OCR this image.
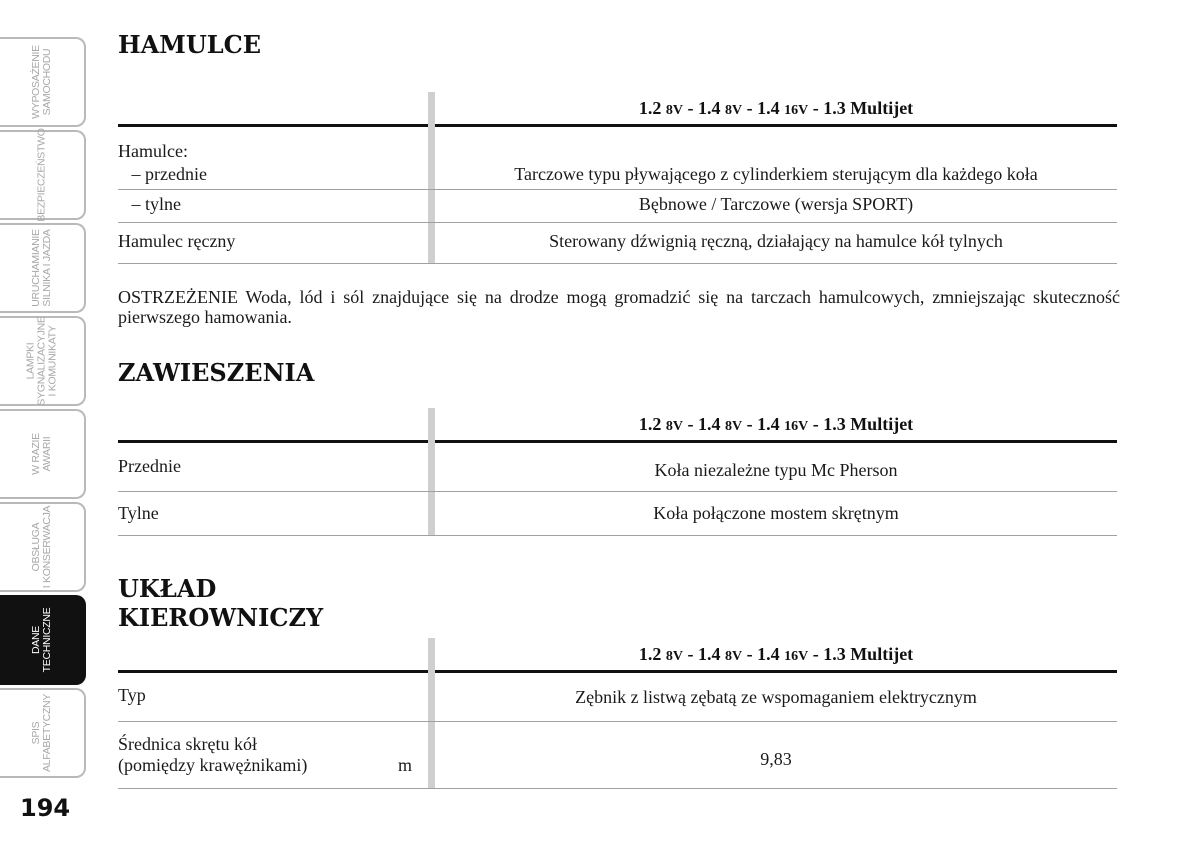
WYPOSAŻENIE
SAMOCHODU
BEZPIECZEŃSTWO
URUCHAMIANIE
SILNIKA I JAZDA
LAMPKI
SYGNALIZACYJNE
I KOMUNIKATY
W RAZIE
AWARII
OBSŁUGA
I KONSERWACJA
DANE
TECHNICZNE
SPIS
ALFABETYCZNY
194
HAMULCE
1.2 8V - 1.4 8V - 1.4 16V - 1.3 Multijet
Hamulce:
– przednie	Tarczowe typu pływającego z cylinderkiem sterującym dla każdego koła
– tylne	Bębnowe / Tarczowe (wersja SPORT)
Hamulec ręczny	Sterowany dźwignią ręczną, działający na hamulce kół tylnych
OSTRZEŻENIE Woda, lód i sól znajdujące się na drodze mogą gromadzić się na tarczach hamulcowych, zmniejszając skuteczność pierwszego hamowania.
ZAWIESZENIA
1.2 8V - 1.4 8V - 1.4 16V - 1.3 Multijet
Przednie	Koła niezależne typu Mc Pherson
Tylne	Koła połączone mostem skrętnym
UKŁAD
KIEROWNICZY
1.2 8V - 1.4 8V - 1.4 16V - 1.3 Multijet
Typ	Zębnik z listwą zębatą ze wspomaganiem elektrycznym
Średnica skrętu kół
(pomiędzy krawężnikami)	m	9,83
